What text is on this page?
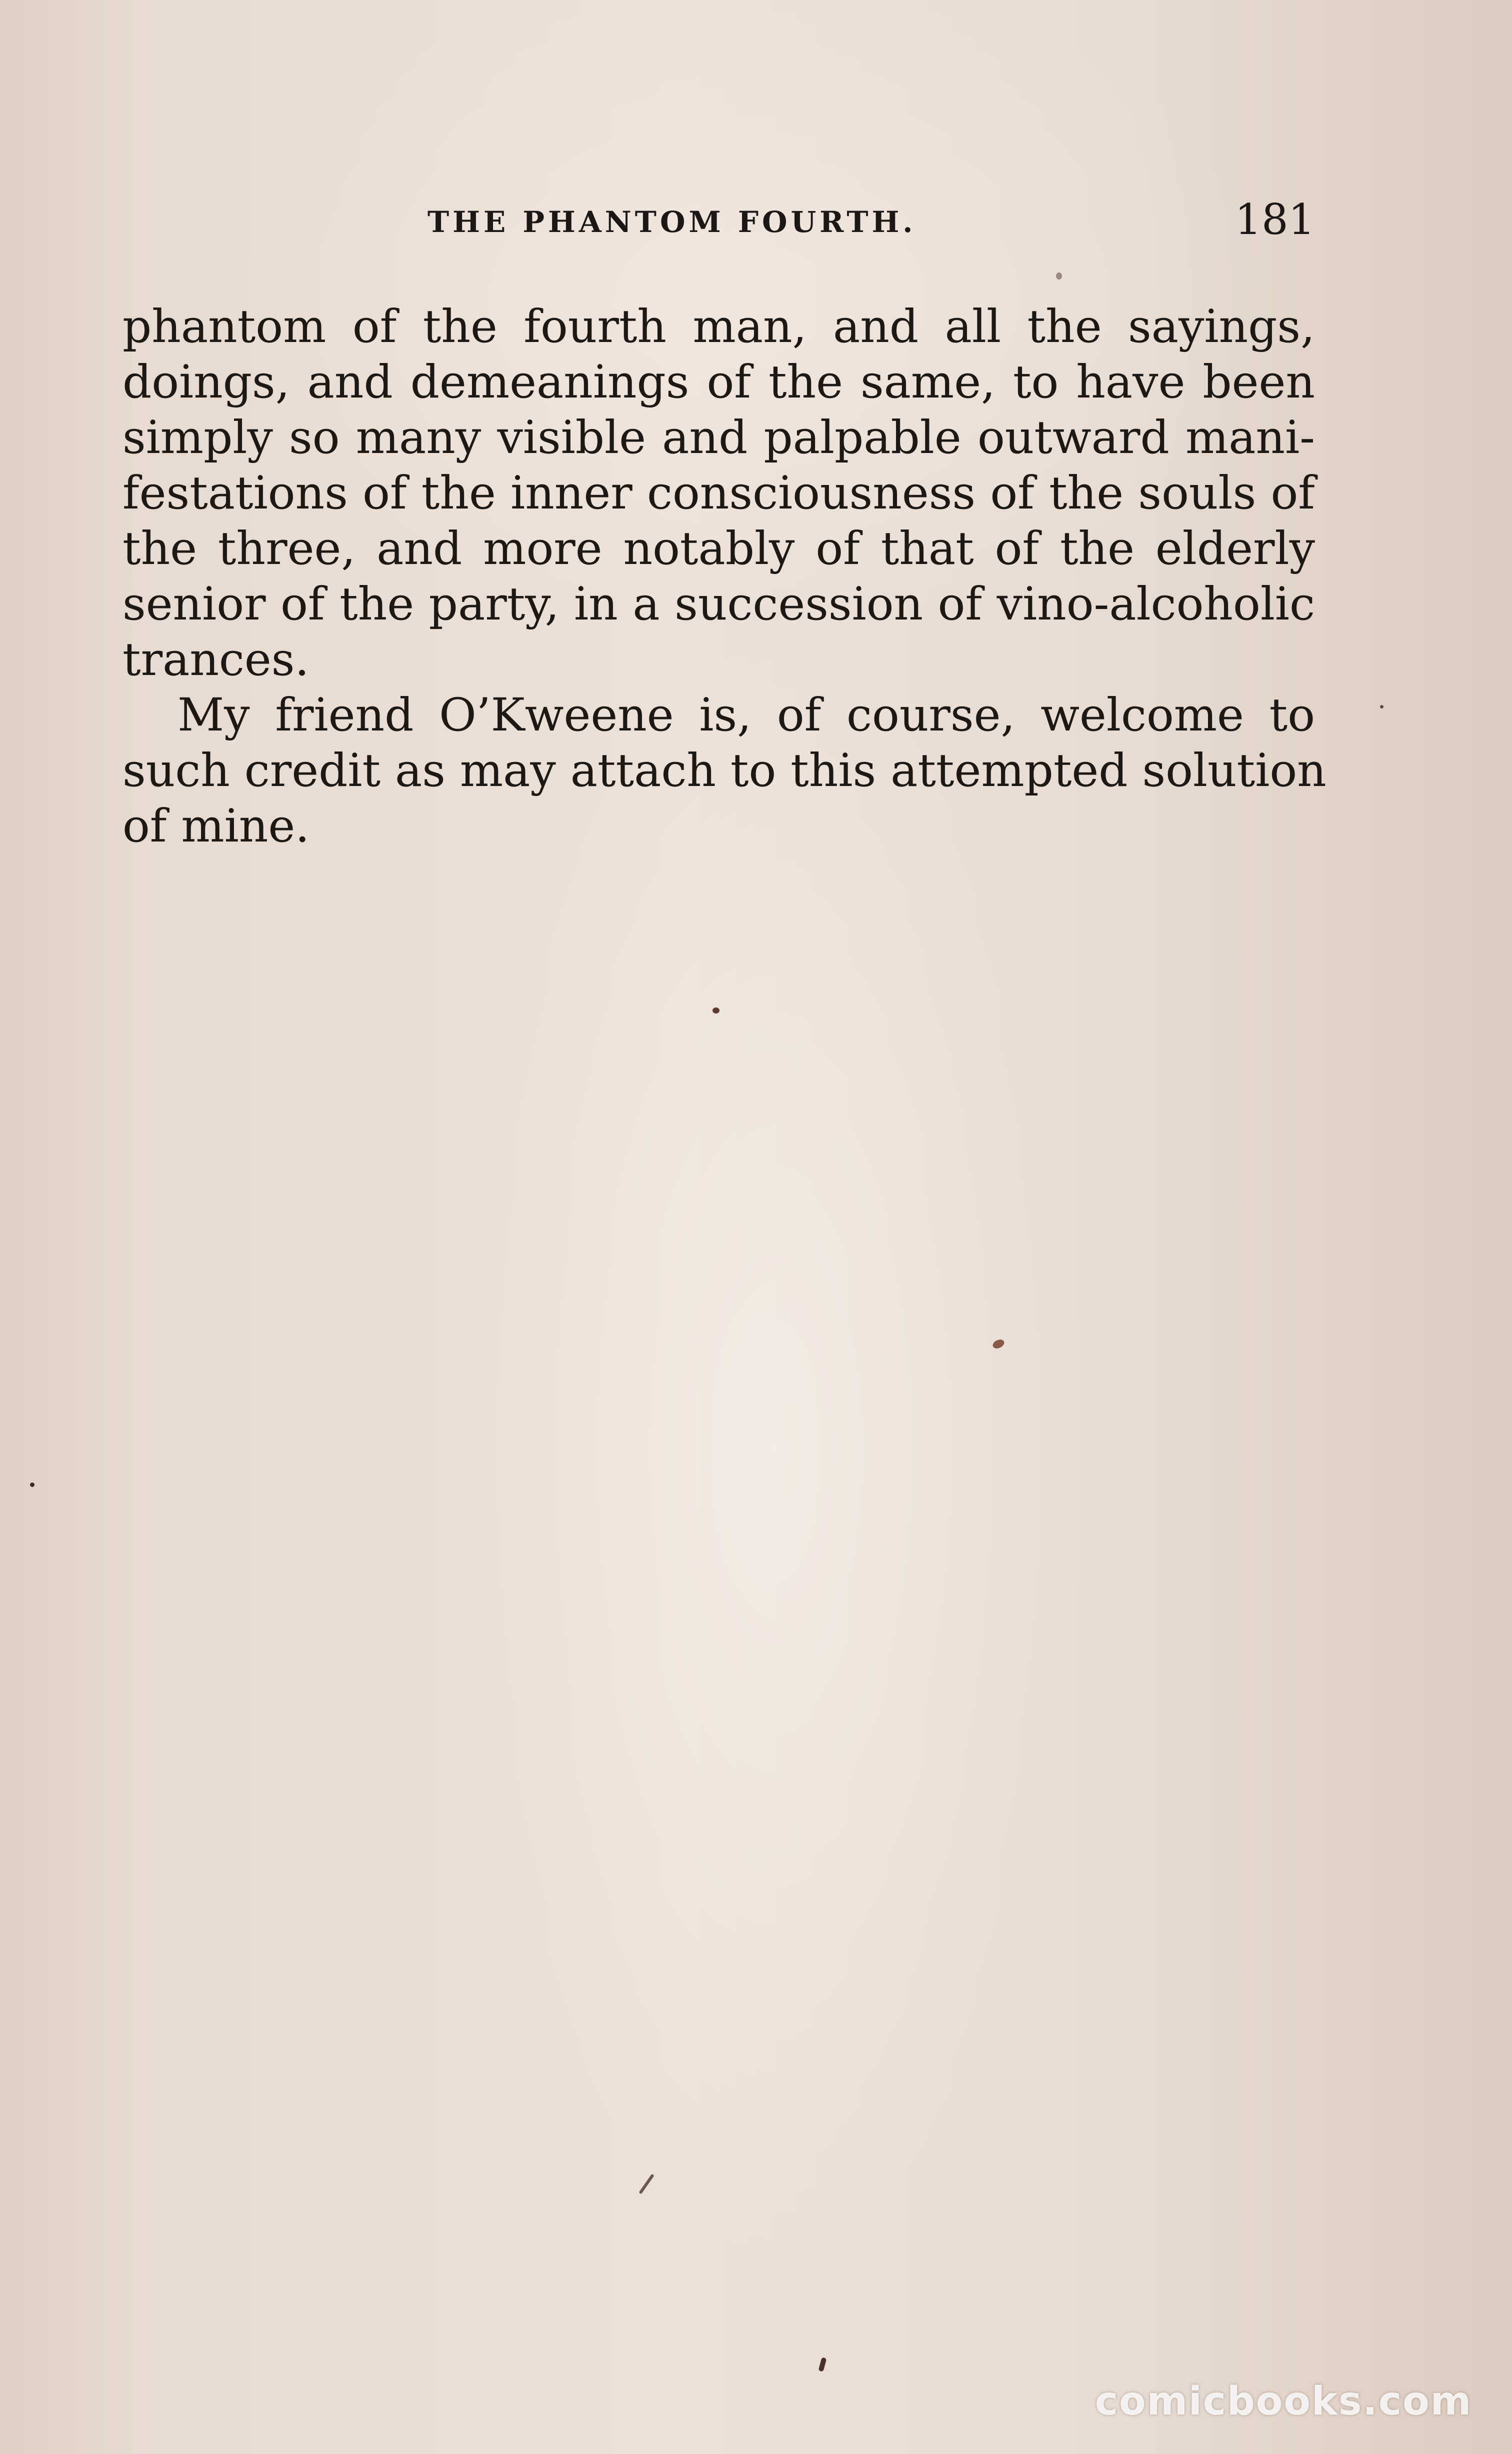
THE PHANTOM FOURTH.	181
phantom of the fourth man, and all the sayings,
doings, and demeanings of the same, to have been
simply so many visible and palpable outward mani-
festations of the inner consciousness of the souls of
the three, and more notably of that of the elderly
senior of the party, in a succession of vino-alcoholic
trances.
My friend O’Kweene is, of course, welcome to
such credit as may attach to this attempted solution
of mine.
comicbooks.com
